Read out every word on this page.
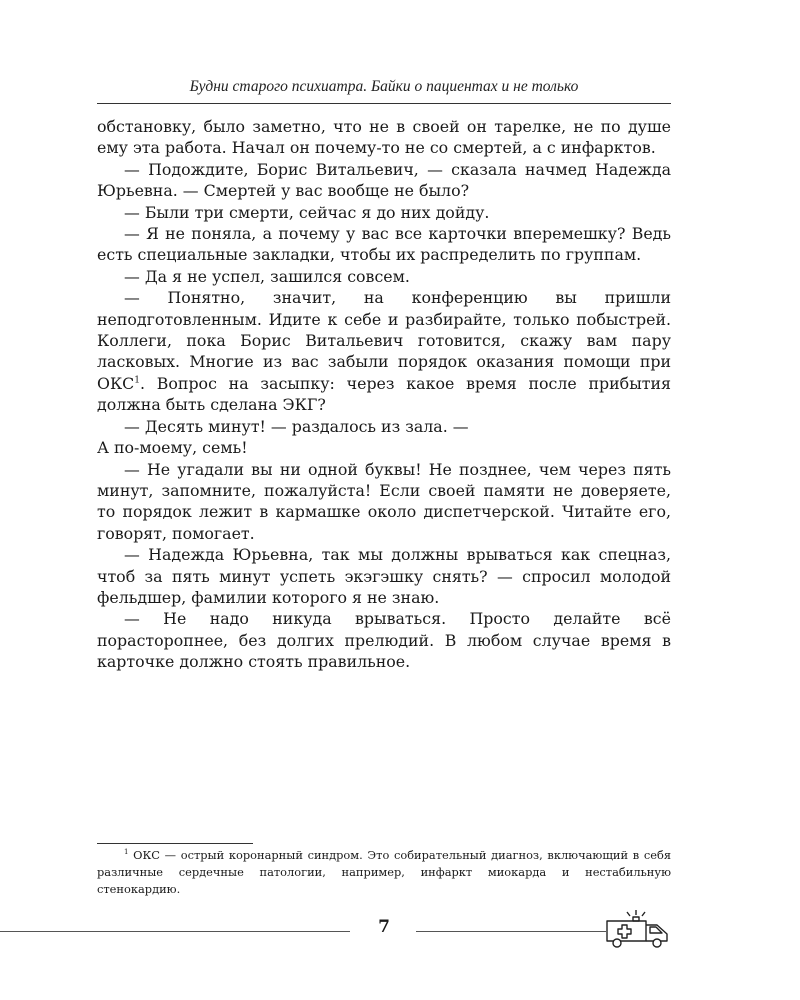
Будни старого психиатра. Байки о пациентах и не только

обстановку, было заметно, что не в своей он тарелке, не по душе ему эта работа. Начал он почему-то не со смертей, а с инфарктов.

— Подождите, Борис Витальевич, — сказала начмед Надежда Юрьевна. — Смертей у вас вообще не было?

— Были три смерти, сейчас я до них дойду.

— Я не поняла, а почему у вас все карточки вперемешку? Ведь есть специальные закладки, чтобы их распределить по группам.

— Да я не успел, зашился совсем.

— Понятно, значит, на конференцию вы пришли неподготовленным. Идите к себе и разбирайте, только побыстрей. Коллеги, пока Борис Витальевич готовится, скажу вам пару ласковых. Многие из вас забыли порядок оказания помощи при ОКС$^1$. Вопрос на засыпку: через какое время после прибытия должна быть сделана ЭКГ?

— Десять минут! — раздалось из зала. —

А по-моему, семь!

— Не угадали вы ни одной буквы! Не позднее, чем через пять минут, запомните, пожалуйста! Если своей памяти не доверяете, то порядок лежит в кармашке около диспетчерской. Читайте его, говорят, помогает.

— Надежда Юрьевна, так мы должны врываться как спецназ, чтоб за пять минут успеть экэгэшку снять? — спросил молодой фельдшер, фамилии которого я не знаю.

— Не надо никуда врываться. Просто делайте всё порасторопнее, без долгих прелюдий. В любом случае время в карточке должно стоять правильное.

$^1$ ОКС — острый коронарный синдром. Это собирательный диагноз, включающий в себя различные сердечные патологии, например, инфаркт миокарда и нестабильную стенокардию.

7
